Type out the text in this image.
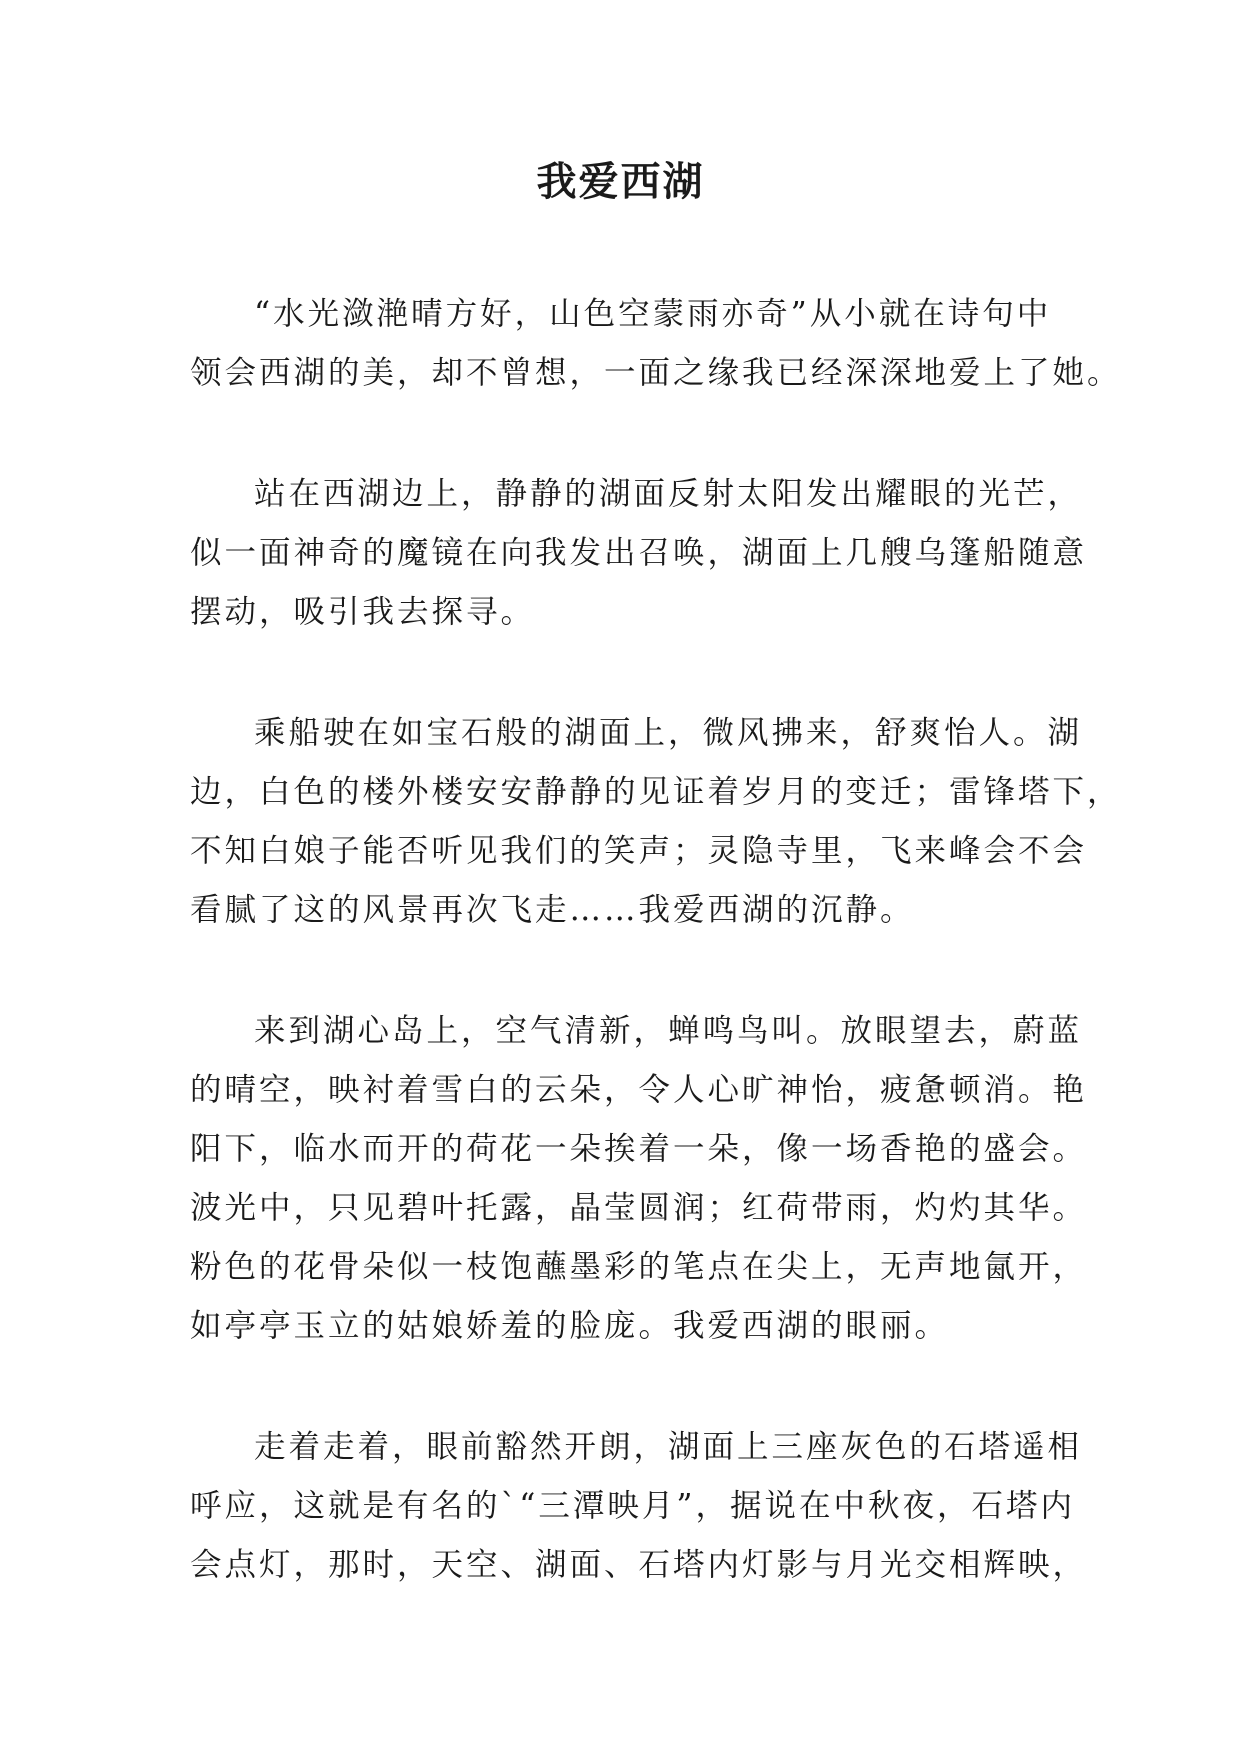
我爱西湖

“水光潋滟晴方好，山色空蒙雨亦奇”从小就在诗句中
领会西湖的美，却不曾想，一面之缘我已经深深地爱上了她。

站在西湖边上，静静的湖面反射太阳发出耀眼的光芒，
似一面神奇的魔镜在向我发出召唤，湖面上几艘乌篷船随意
摆动，吸引我去探寻。

乘船驶在如宝石般的湖面上，微风拂来，舒爽怡人。湖
边，白色的楼外楼安安静静的见证着岁月的变迁；雷锋塔下，
不知白娘子能否听见我们的笑声；灵隐寺里，飞来峰会不会
看腻了这的风景再次飞走……我爱西湖的沉静。

来到湖心岛上，空气清新，蝉鸣鸟叫。放眼望去，蔚蓝
的晴空，映衬着雪白的云朵，令人心旷神怡，疲惫顿消。艳
阳下，临水而开的荷花一朵挨着一朵，像一场香艳的盛会。
波光中，只见碧叶托露，晶莹圆润；红荷带雨，灼灼其华。
粉色的花骨朵似一枝饱蘸墨彩的笔点在尖上，无声地氤开，
如亭亭玉立的姑娘娇羞的脸庞。我爱西湖的眼丽。

走着走着，眼前豁然开朗，湖面上三座灰色的石塔遥相
呼应，这就是有名的`“三潭映月”，据说在中秋夜，石塔内
会点灯，那时，天空、湖面、石塔内灯影与月光交相辉映，
